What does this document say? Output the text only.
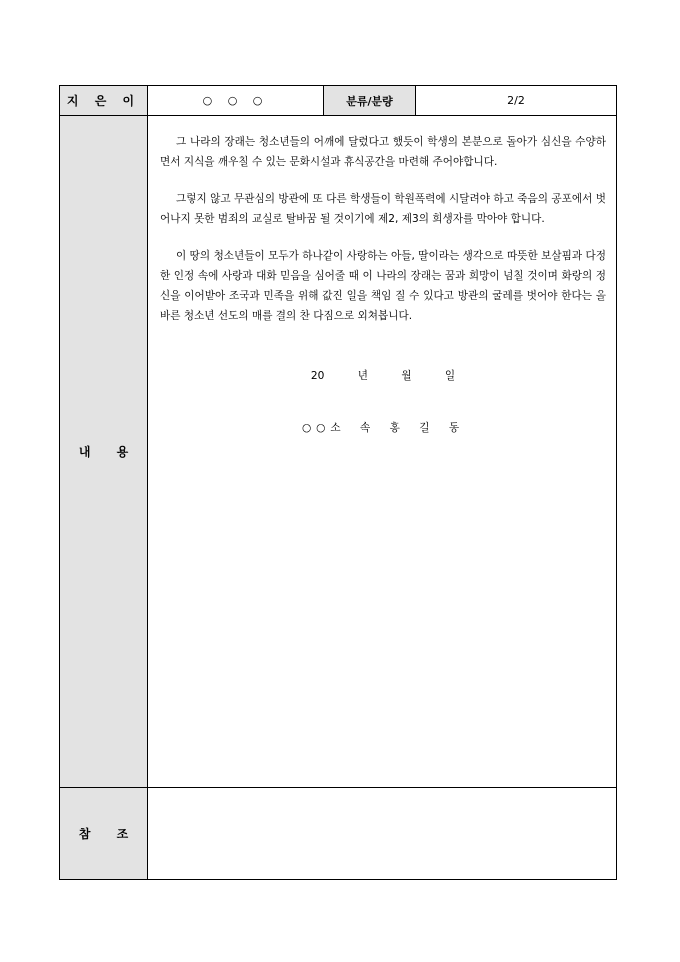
지 은 이	○ ○ ○	분류/분량	2/2
내 용

그 나라의 장래는 청소년들의 어깨에 달렸다고 했듯이 학생의 본분으로 돌아가 심신을 수양하면서 지식을 깨우칠 수 있는 문화시설과 휴식공간을 마련해 주어야합니다.

그렇지 않고 무관심의 방관에 또 다른 학생들이 학원폭력에 시달려야 하고 죽음의 공포에서 벗어나지 못한 범죄의 교실로 탈바꿈 될 것이기에 제2, 제3의 희생자를 막아야 합니다.

이 땅의 청소년들이 모두가 하나같이 사랑하는 아들, 딸이라는 생각으로 따뜻한 보살핌과 다정한 인정 속에 사랑과 대화 믿음을 심어줄 때 이 나라의 장래는 꿈과 희망이 넘칠 것이며 화랑의 정신을 이어받아 조국과 민족을 위해 값진 일을 책임 질 수 있다고 방관의 굴레를 벗어야 한다는 올바른 청소년 선도의 매를 결의 찬 다짐으로 외쳐봅니다.

20	년	월	일
○○소 속 홍 길 동
참 조
